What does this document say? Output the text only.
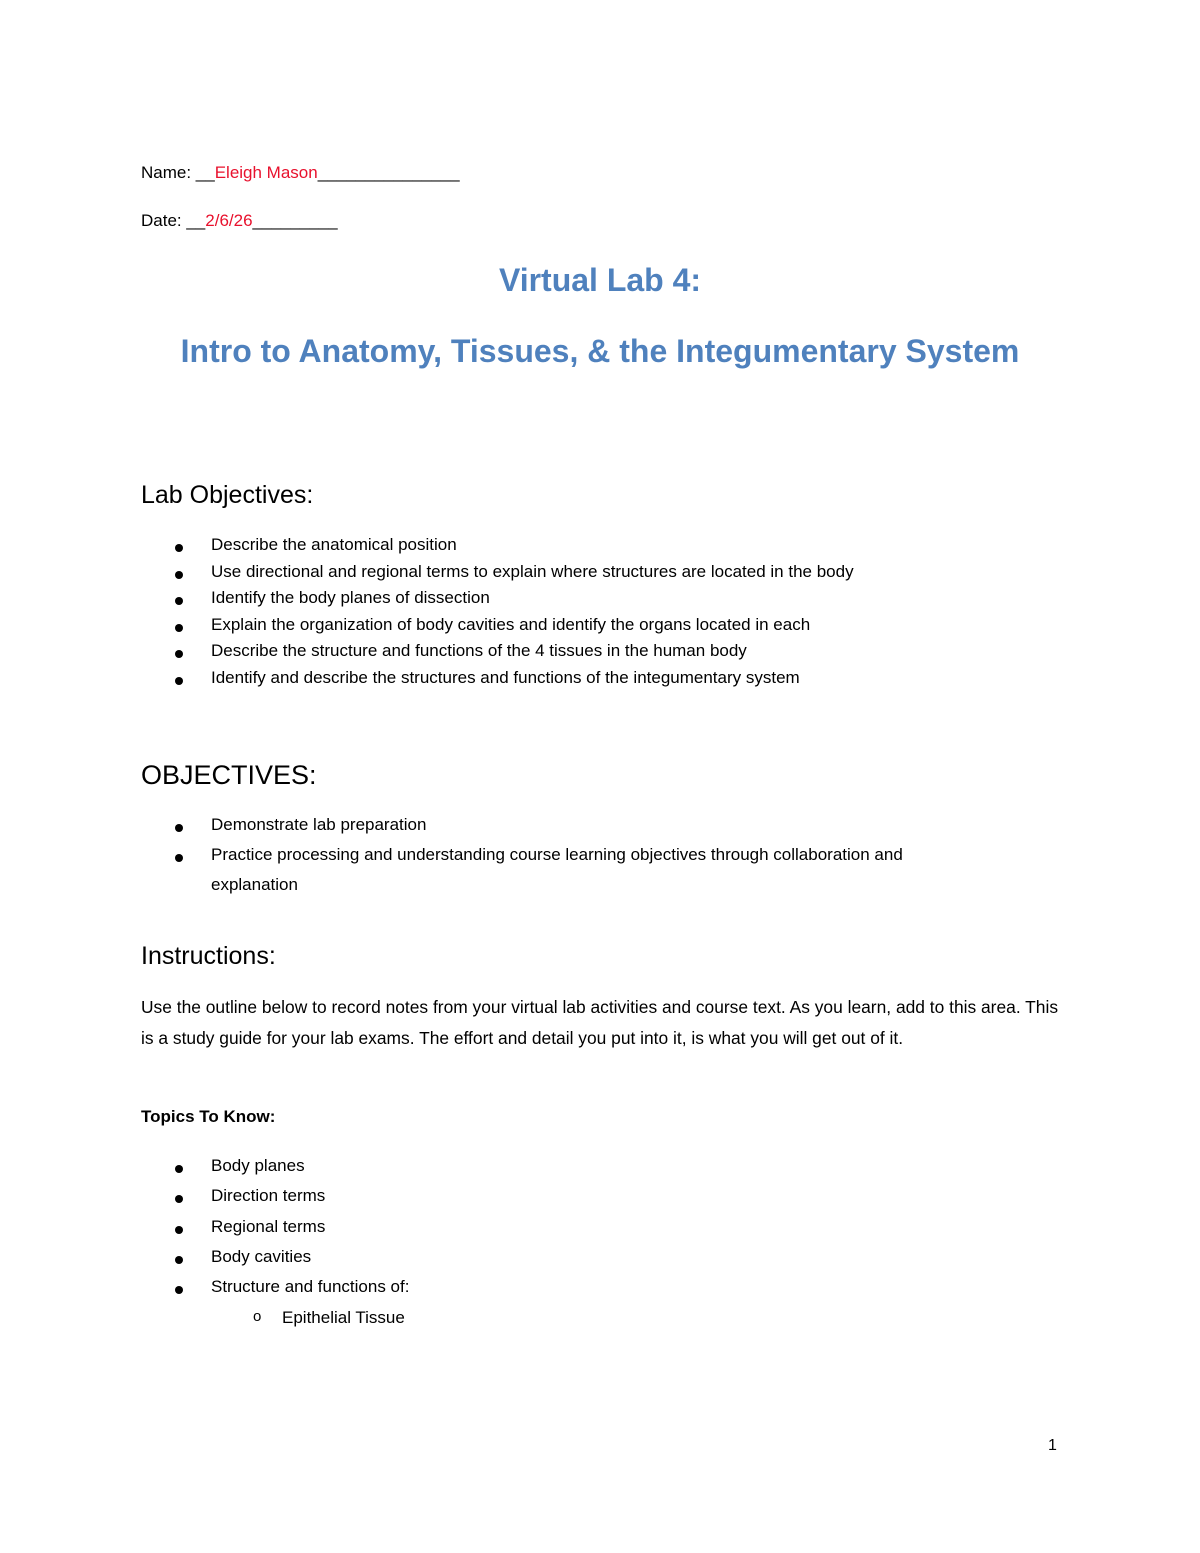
Name: __Eleigh Mason_______________
Date: __2/6/26_________
Virtual Lab 4:
Intro to Anatomy, Tissues, & the Integumentary System
Lab Objectives:
Describe the anatomical position
Use directional and regional terms to explain where structures are located in the body
Identify the body planes of dissection
Explain the organization of body cavities and identify the organs located in each
Describe the structure and functions of the 4 tissues in the human body
Identify and describe the structures and functions of the integumentary system
OBJECTIVES:
Demonstrate lab preparation
Practice processing and understanding course learning objectives through collaboration and
explanation
Instructions:
Use the outline below to record notes from your virtual lab activities and course text. As you learn, add to this area. This is a study guide for your lab exams. The effort and detail you put into it, is what you will get out of it.
Topics To Know:
Body planes
Direction terms
Regional terms
Body cavities
Structure and functions of:
o Epithelial Tissue
1
